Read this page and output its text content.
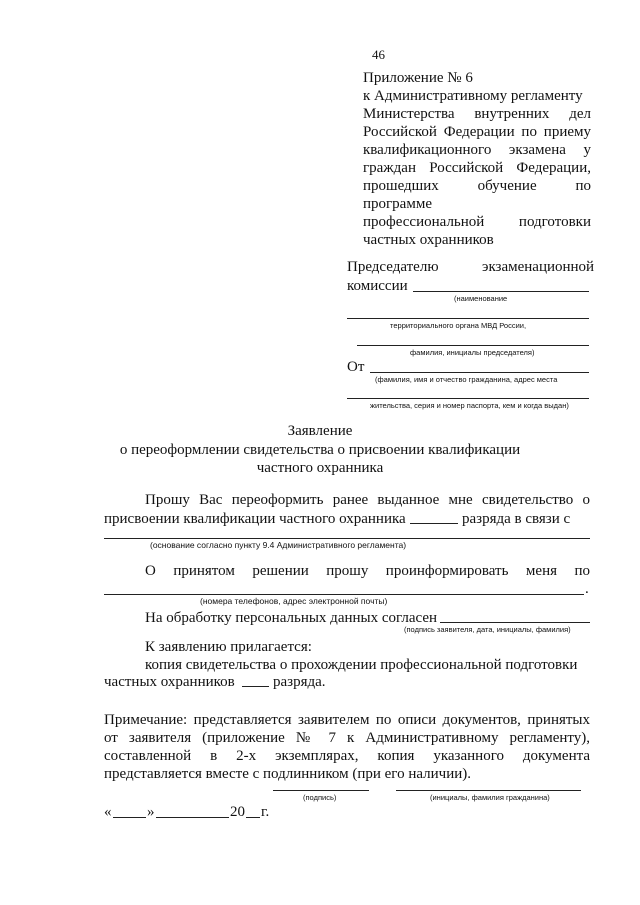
46
Приложение № 6
к Административному регламенту
Министерства внутренних дел
Российской Федерации по приему
квалификационного экзамена у
граждан Российской Федерации,
прошедших обучение по программе
профессиональной подготовки
частных охранников
Председателю	экзаменационной
комиссии
(наименование
территориального органа МВД России,
фамилия, инициалы председателя)
От
(фамилия, имя и отчество гражданина, адрес места
жительства, серия и номер паспорта, кем и когда выдан)
Заявление
о переоформлении свидетельства о присвоении квалификации
частного охранника
Прошу Вас переоформить ранее выданное мне свидетельство о
присвоении квалификации частного охранника	разряда в связи с
(основание согласно пункту 9.4 Административного регламента)
О принятом решении прошу проинформировать меня по
.
(номера телефонов, адрес электронной почты)
На обработку персональных данных согласен
(подпись заявителя, дата, инициалы, фамилия)
К заявлению прилагается:
копия свидетельства о прохождении профессиональной подготовки
частных охранников	разряда.
Примечание: представляется заявителем по описи документов, принятых
от заявителя (приложение № 7 к Административному регламенту),
составленной в 2-х экземплярах, копия указанного документа
представляется вместе с подлинником (при его наличии).
(подпись)	(инициалы, фамилия гражданина)
« »	20 г.
